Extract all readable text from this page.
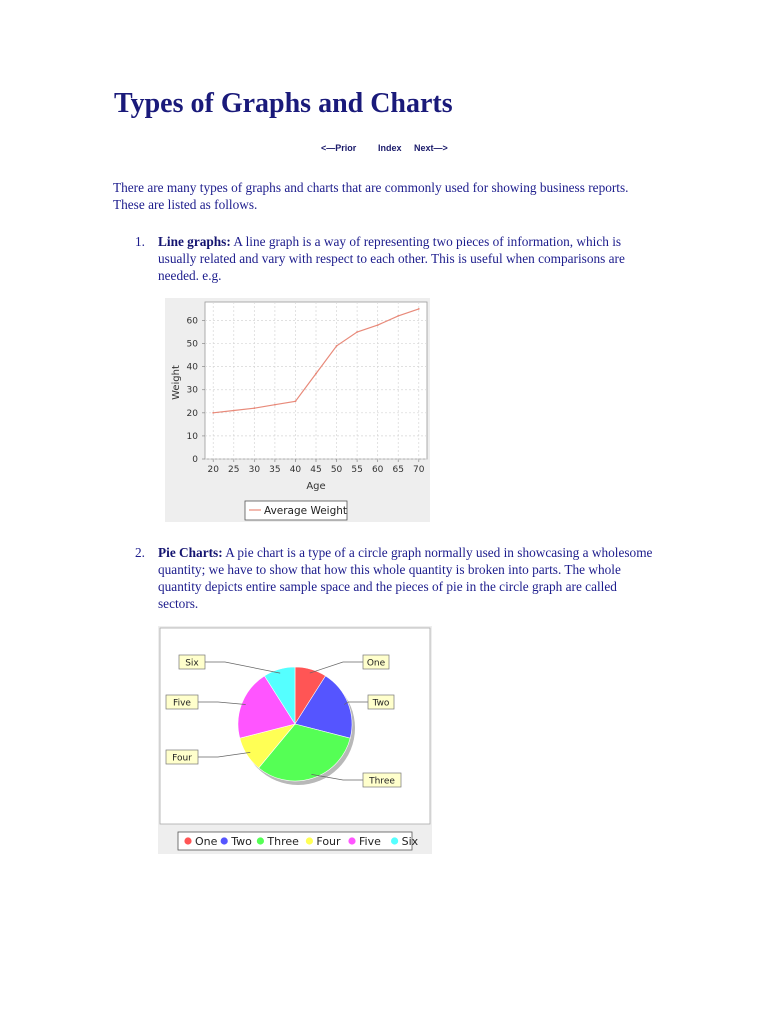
Types of Graphs and Charts
<—Prior Index Next—>

There are many types of graphs and charts that are commonly used for showing business reports. These are listed as follows.

1. Line graphs: A line graph is a way of representing two pieces of information, which is usually related and vary with respect to each other. This is useful when comparisons are needed. e.g.

20 25 30 35 40 45 50 55 60 65 70
0
10
20
30
40
50
60
Age
Weight
Average Weight
2. Pie Charts: A pie chart is a type of a circle graph normally used in showcasing a wholesome quantity; we have to show that how this whole quantity is broken into parts. The whole quantity depicts entire sample space and the pieces of pie in the circle graph are called sectors.

One
Two
Three
Four
Five
Six
One Two Three Four Five Six
